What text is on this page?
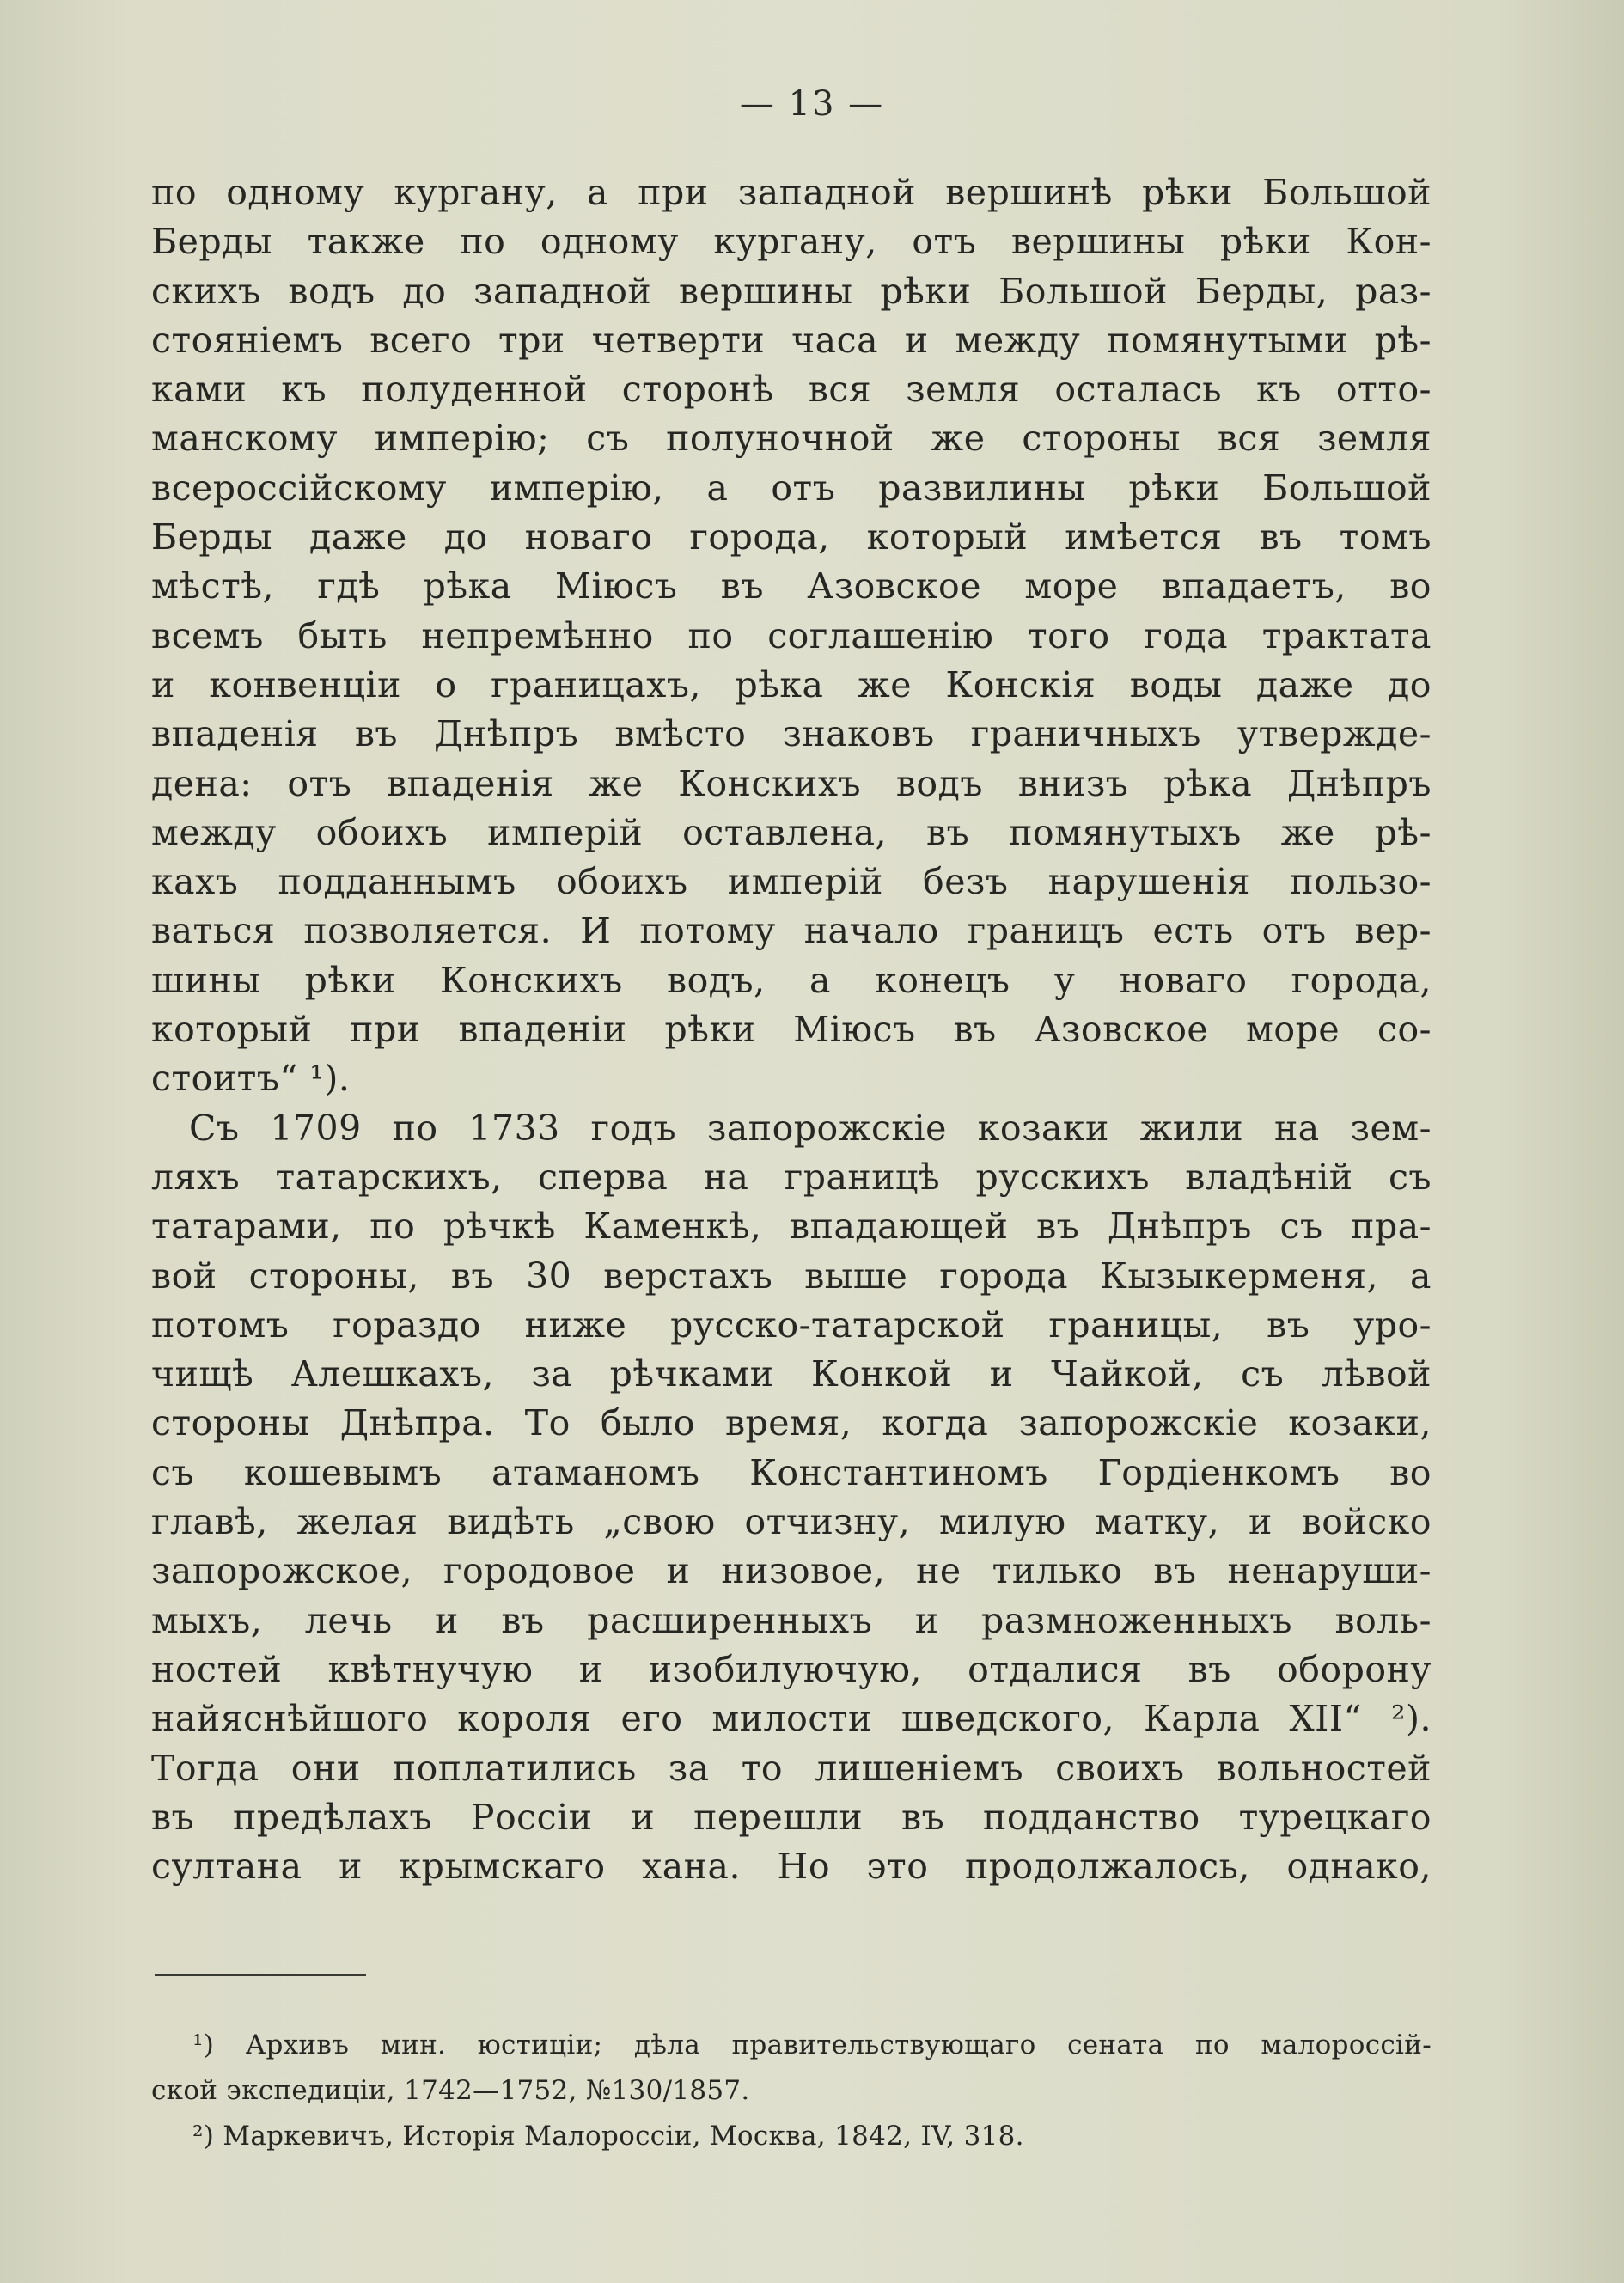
— 13 —
по одному кургану, а при западной вершинѣ рѣки Большой
Берды также по одному кургану, отъ вершины рѣки Кон-
скихъ водъ до западной вершины рѣки Большой Берды, раз-
стояніемъ всего три четверти часа и между помянутыми рѣ-
ками къ полуденной сторонѣ вся земля осталась къ отто-
манскому имперію; съ полуночной же стороны вся земля
всероссійскому имперію, а отъ развилины рѣки Большой
Берды даже до новаго города, который имѣется въ томъ
мѣстѣ, гдѣ рѣка Міюсъ въ Азовское море впадаетъ, во
всемъ быть непремѣнно по соглашенію того года трактата
и конвенціи о границахъ, рѣка же Конскія воды даже до
впаденія въ Днѣпръ вмѣсто знаковъ граничныхъ утвержде-
дена: отъ впаденія же Конскихъ водъ внизъ рѣка Днѣпръ
между обоихъ имперій оставлена, въ помянутыхъ же рѣ-
кахъ подданнымъ обоихъ имперій безъ нарушенія пользо-
ваться позволяется. И потому начало границъ есть отъ вер-
шины рѣки Конскихъ водъ, а конецъ у новаго города,
который при впаденіи рѣки Міюсъ въ Азовское море со-
стоитъ“ ¹).
Съ 1709 по 1733 годъ запорожскіе козаки жили на зем-
ляхъ татарскихъ, сперва на границѣ русскихъ владѣній съ
татарами, по рѣчкѣ Каменкѣ, впадающей въ Днѣпръ съ пра-
вой стороны, въ 30 верстахъ выше города Кызыкерменя, а
потомъ гораздо ниже русско-татарской границы, въ уро-
чищѣ Алешкахъ, за рѣчками Конкой и Чайкой, съ лѣвой
стороны Днѣпра. То было время, когда запорожскіе козаки,
съ кошевымъ атаманомъ Константиномъ Гордіенкомъ во
главѣ, желая видѣть „свою отчизну, милую матку, и войско
запорожское, городовое и низовое, не тилько въ ненаруши-
мыхъ, лечь и въ расширенныхъ и размноженныхъ воль-
ностей квѣтнучую и изобилуючую, отдалися въ оборону
найяснѣйшого короля его милости шведского, Карла XII“ ²).
Тогда они поплатились за то лишеніемъ своихъ вольностей
въ предѣлахъ Россіи и перешли въ подданство турецкаго
султана и крымскаго хана. Но это продолжалось, однако,
¹) Архивъ мин. юстиціи; дѣла правительствующаго сената по малороссій-
ской экспедиціи, 1742—1752, №130/1857.
²) Маркевичъ, Исторія Малороссіи, Москва, 1842, IV, 318.
